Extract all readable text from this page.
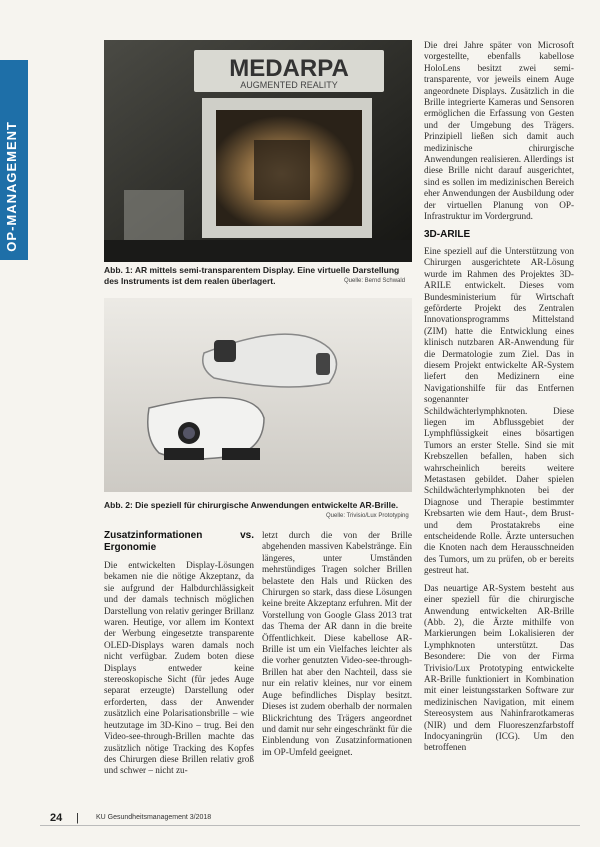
OP-MANAGEMENT
MEDARPA
AUGMENTED REALITY
Abb. 1: AR mittels semi-transparentem Display. Eine virtuelle Darstellung des Instruments ist dem realen überlagert.	Quelle: Bernd Schwald
Abb. 2: Die speziell für chirurgische Anwendungen entwickelte AR-Brille.
Quelle: Trivisio/Lux Prototyping

Zusatzinformationen vs. Ergonomie

Die entwickelten Display-Lösungen bekamen nie die nötige Akzeptanz, da sie aufgrund der Halbdurchlässigkeit und der damals technisch möglichen Darstellung von relativ geringer Brillanz waren. Heutige, vor allem im Kontext der Werbung eingesetzte transparente OLED-Displays waren damals noch nicht verfügbar. Zudem boten diese Displays entweder keine stereoskopische Sicht (für jedes Auge separat erzeugte) Darstellung oder erforderten, dass der Anwender zusätzlich eine Polarisationsbrille – wie heutzutage im 3D-Kino – trug. Bei den Video-see-through-Brillen machte das zusätzlich nötige Tracking des Kopfes des Chirurgen diese Brillen relativ groß und schwer – nicht zu-

letzt durch die von der Brille abgehenden massiven Kabelstränge. Ein längeres, unter Umständen mehrstündiges Tragen solcher Brillen belastete den Hals und Rücken des Chirurgen so stark, dass diese Lösungen keine breite Akzeptanz erfuhren. Mit der Vorstellung von Google Glass 2013 trat das Thema der AR dann in die breite Öffentlichkeit. Diese kabellose AR-Brille ist um ein Vielfaches leichter als die vorher genutzten Video-see-through-Brillen hat aber den Nachteil, dass sie nur ein relativ kleines, nur vor einem Auge befindliches Display besitzt. Dieses ist zudem oberhalb der normalen Blickrichtung des Trägers angeordnet und damit nur sehr eingeschränkt für die Einblendung von Zusatzinformationen im OP-Umfeld geeignet.

Die drei Jahre später von Microsoft vorgestellte, ebenfalls kabellose HoloLens besitzt zwei semi-transparente, vor jeweils einem Auge angeordnete Displays. Zusätzlich in die Brille integrierte Kameras und Sensoren ermöglichen die Erfassung von Gesten und der Umgebung des Trägers. Prinzipiell ließen sich damit auch medizinische chirurgische Anwendungen realisieren. Allerdings ist diese Brille nicht darauf ausgerichtet, sind es sollen im medizinischen Bereich eher Anwendungen der Ausbildung oder der virtuellen Planung von OP-Infrastruktur im Vordergrund.

3D-ARILE

Eine speziell auf die Unterstützung von Chirurgen ausgerichtete AR-Lösung wurde im Rahmen des Projektes 3D-ARILE entwickelt. Dieses vom Bundesministerium für Wirtschaft geförderte Projekt des Zentralen Innovationsprogramms Mittelstand (ZIM) hatte die Entwicklung eines klinisch nutzbaren AR-Anwendung für die Dermatologie zum Ziel. Das in diesem Projekt entwickelte AR-System liefert den Medizinern eine Navigationshilfe für das Entfernen sogenannter Schildwächterlymphknoten. Diese liegen im Abflussgebiet der Lymphflüssigkeit eines bösartigen Tumors an erster Stelle. Sind sie mit Krebszellen befallen, haben sich wahrscheinlich bereits weitere Metastasen gebildet. Daher spielen Schildwächterlymphknoten bei der Diagnose und Therapie bestimmter Krebsarten wie dem Haut-, dem Brust- und dem Prostatakrebs eine entscheidende Rolle. Ärzte untersuchen die Knoten nach dem Herausschneiden des Tumors, um zu prüfen, ob er bereits gestreut hat.

Das neuartige AR-System besteht aus einer speziell für die chirurgische Anwendung entwickelten AR-Brille (Abb. 2), die Ärzte mithilfe von Markierungen beim Lokalisieren der Lymphknoten unterstützt. Das Besondere: Die von der Firma Trivisio/Lux Prototyping entwickelte AR-Brille funktioniert in Kombination mit einer leistungsstarken Software zur medizinischen Navigation, mit einem Stereosystem aus Nahinfrarotkameras (NIR) und dem Fluoreszenzfarbstoff Indocyaningrün (ICG). Um den betroffenen

24 | KU Gesundheitsmanagement 3/2018
